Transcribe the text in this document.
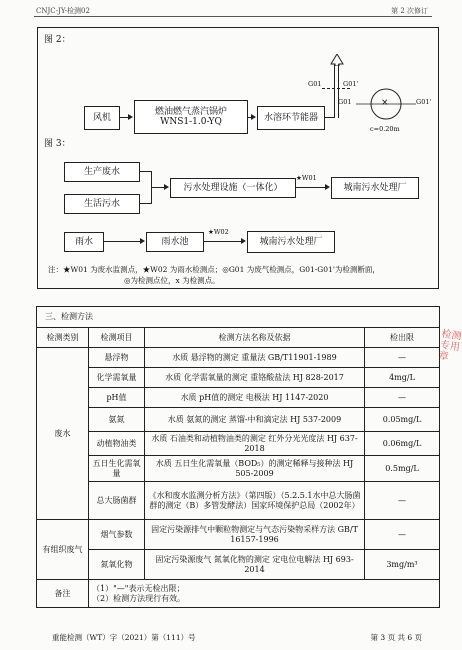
CNJC-JY-检测02	第 2 次修订
图 2：
风机
燃油燃气蒸汽锅炉
WNS1-1.0-YQ	水溶环节能器
G01	G01'
G01	G01'
×
c=0.20m
图 3：
生产废水
生活污水
污水处理设施（一体化）
★W01
城南污水处理厂
雨水	雨水池
★W02
城南污水处理厂
注：★W01 为废水监测点，★W02 为雨水检测点；◎G01 为废气检测点，G01-G01'为检测断面，
◎为检测点位，x 为检测点。
三、检测方法			
检测类别	检测项目	检测方法名称及依据	检出限
废水	悬浮物	水质 悬浮物的测定 重量法 GB/T11901-1989	—
	化学需氧量	水质 化学需氧量的测定 重铬酸盐法 HJ 828-2017	4mg/L
	pH值	水质 pH值的测定 电极法 HJ 1147-2020	—
	氨氮	水质 氨氮的测定 蒸馏-中和滴定法 HJ 537-2009	0.05mg/L
	动植物油类	水质 石油类和动植物油类的测定 红外分光光度法 HJ 637-2018	0.06mg/L
	五日生化需氧量	水质 五日生化需氧量（BOD₅）的测定稀释与接种法 HJ 505-2009	0.5mg/L
	总大肠菌群	《水和废水监测分析方法》（第四版）（5.2.5.1水中总大肠菌群的测定（B）多管发酵法）国家环境保护总局（2002年）	—
有组织废气	烟气参数	固定污染源排气中颗粒物测定与气态污染物采样方法 GB/T 16157-1996	—
	氮氧化物	固定污染源废气 氮氧化物的测定 定电位电解法 HJ 693-2014	3mg/m³
备注	（1）"—"表示无检出限；
（2）检测方法现行有效。		
重能检测（WT）字（2021）第（111）号	第 3 页 共 6 页
检测专用章
